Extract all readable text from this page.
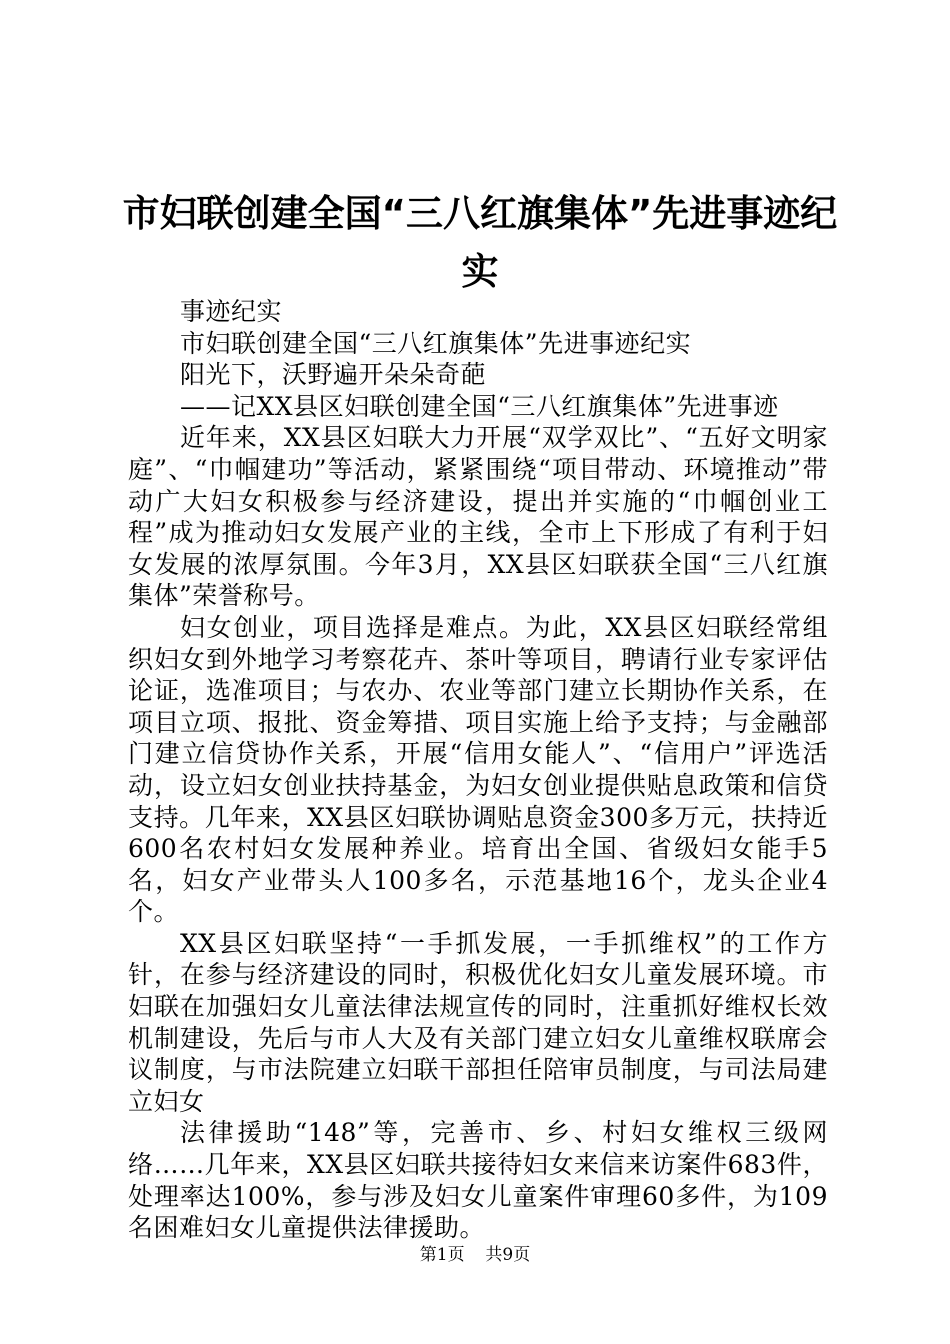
市妇联创建全国“三八红旗集体”先进事迹纪实

事迹纪实

市妇联创建全国“三八红旗集体”先进事迹纪实

阳光下，沃野遍开朵朵奇葩

——记XX县区妇联创建全国“三八红旗集体”先进事迹

近年来，XX县区妇联大力开展“双学双比”、“五好文明家庭”、“巾帼建功”等活动，紧紧围绕“项目带动、环境推动”带动广大妇女积极参与经济建设，提出并实施的“巾帼创业工程”成为推动妇女发展产业的主线，全市上下形成了有利于妇女发展的浓厚氛围。今年3月，XX县区妇联获全国“三八红旗集体”荣誉称号。

妇女创业，项目选择是难点。为此，XX县区妇联经常组织妇女到外地学习考察花卉、茶叶等项目，聘请行业专家评估论证，选准项目；与农办、农业等部门建立长期协作关系，在项目立项、报批、资金筹措、项目实施上给予支持；与金融部门建立信贷协作关系，开展“信用女能人”、“信用户”评选活动，设立妇女创业扶持基金，为妇女创业提供贴息政策和信贷支持。几年来，XX县区妇联协调贴息资金300多万元，扶持近600名农村妇女发展种养业。培育出全国、省级妇女能手5名，妇女产业带头人100多名，示范基地16个，龙头企业4个。

XX县区妇联坚持“一手抓发展，一手抓维权”的工作方针，在参与经济建设的同时，积极优化妇女儿童发展环境。市妇联在加强妇女儿童法律法规宣传的同时，注重抓好维权长效机制建设，先后与市人大及有关部门建立妇女儿童维权联席会议制度，与市法院建立妇联干部担任陪审员制度，与司法局建立妇女

法律援助“148”等，完善市、乡、村妇女维权三级网络……几年来，XX县区妇联共接待妇女来信来访案件683件，处理率达100%，参与涉及妇女儿童案件审理60多件，为109名困难妇女儿童提供法律援助。

第1页 共9页
